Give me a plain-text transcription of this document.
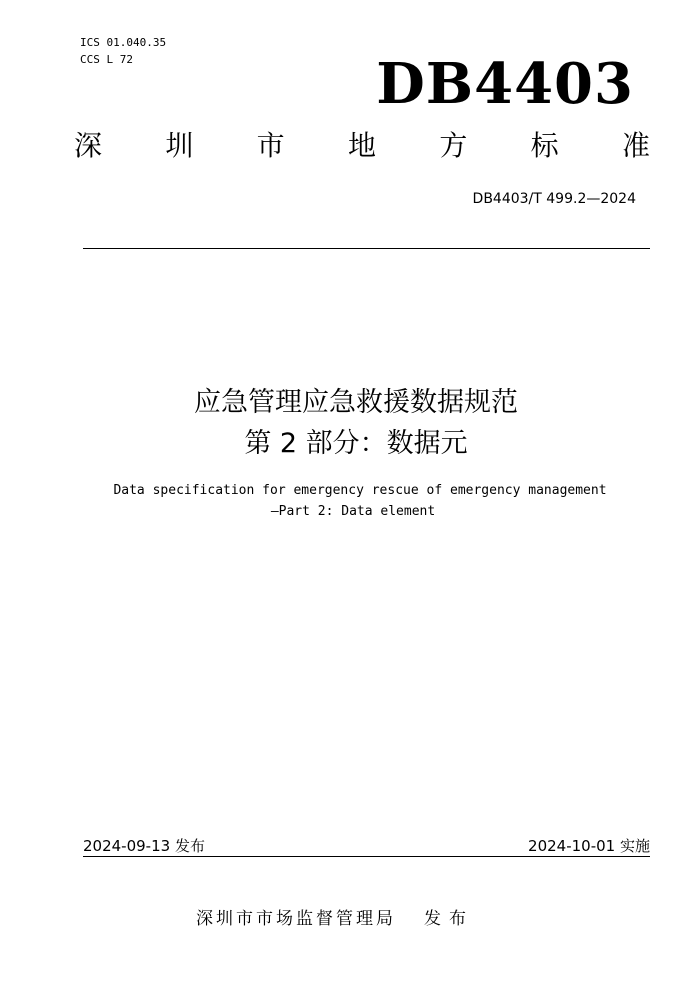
ICS 01.040.35
CCS L 72	DB4403
深 圳 市 地 方 标 准
DB4403/T 499.2—2024
应急管理应急救援数据规范
第 2 部分：数据元
Data specification for emergency rescue of emergency management
—Part 2: Data element
2024-09-13 发布	2024-10-01 实施
深圳市市场监督管理局 发布
